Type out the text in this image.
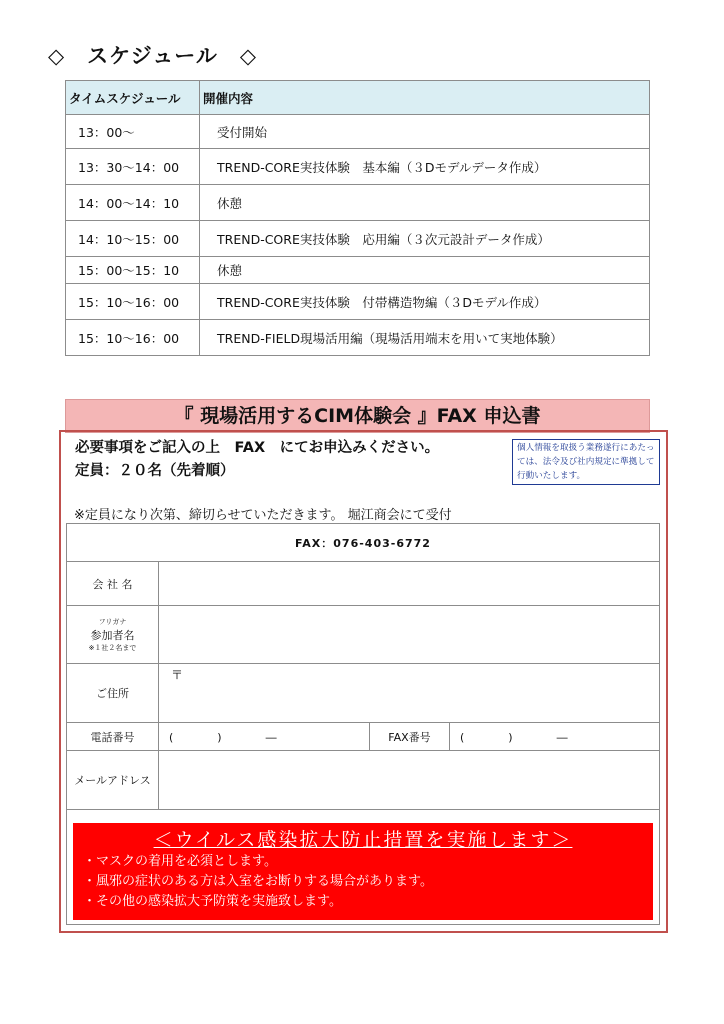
◇　スケジュール　◇
タイムスケジュール	開催内容
13：00～	受付開始
13：30～14：00	TREND-CORE実技体験　基本編（３Dモデルデータ作成）
14：00～14：10	休憩
14：10～15：00	TREND-CORE実技体験　応用編（３次元設計データ作成）
15：00～15：10	休憩
15：10～16：00	TREND-CORE実技体験　付帯構造物編（３Dモデル作成）
15：10～16：00	TREND-FIELD現場活用編（現場活用端末を用いて実地体験）
『 現場活用するCIM体験会 』FAX 申込書
必要事項をご記入の上　FAX　にてお申込みください。
定員：２０名（先着順）
個人情報を取扱う業務遂行にあたっては、法令及び社内規定に準拠して行動いたします。
※定員になり次第、締切らせていただきます。 堀江商会にて受付
FAX：076-403-6772			
会 社 名			

フリガナ
参加者名
※１社２名まで			

ご住所	〒		

電話番号	(　　　　)　　　　―	FAX番号	(　　　　)　　　　―
メールアドレス			

＜ウイルス感染拡大防止措置を実施します＞
・マスクの着用を必須とします。
・風邪の症状のある方は入室をお断りする場合があります。
・その他の感染拡大予防策を実施致します。
